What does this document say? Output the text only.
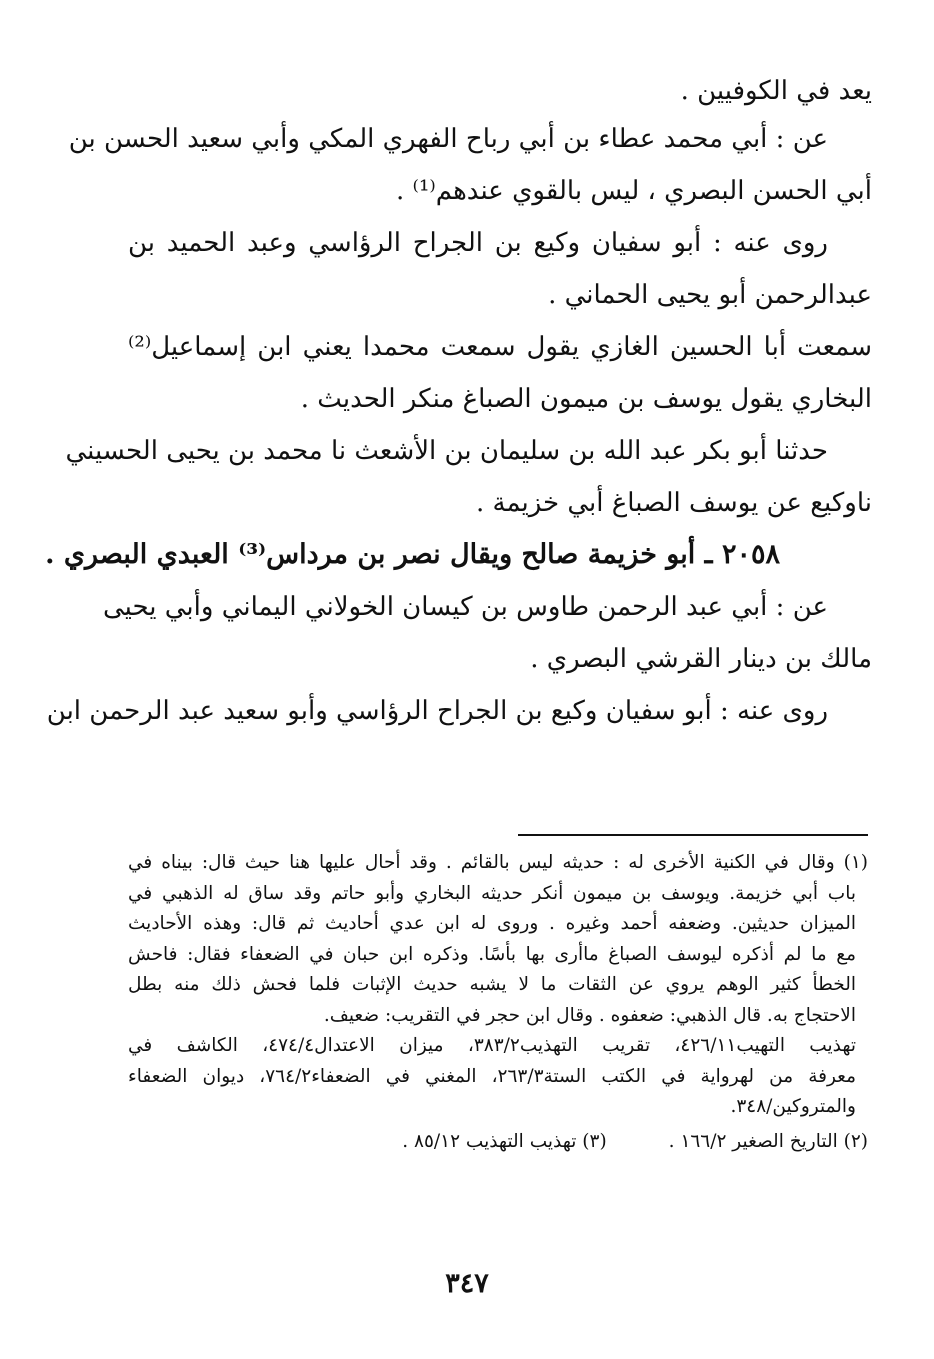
يعد في الكوفيين .
عن : أبي محمد عطاء بن أبي رباح الفهري المكي وأبي سعيد الحسن بن
أبي الحسن البصري ، ليس بالقوي عندهم⁽¹⁾ .
روى عنه : أبو سفيان وكيع بن الجراح الرؤاسي وعبد الحميد بن
عبدالرحمن أبو يحيى الحماني .
سمعت أبا الحسين الغازي يقول سمعت محمدا يعني ابن إسماعيل⁽²⁾
البخاري يقول يوسف بن ميمون الصباغ منكر الحديث .
حدثنا أبو بكر عبد الله بن سليمان بن الأشعث نا محمد بن يحيى الحسيني
ناوكيع عن يوسف الصباغ أبي خزيمة .
٢٠٥٨ ـ أبو خزيمة صالح ويقال نصر بن مرداس⁽³⁾ العبدي البصري .
عن : أبي عبد الرحمن طاوس بن كيسان الخولاني اليماني وأبي يحيى
مالك بن دينار القرشي البصري .
روى عنه : أبو سفيان وكيع بن الجراح الرؤاسي وأبو سعيد عبد الرحمن ابن
(١) وقال في الكنية الأخرى له : حديثه ليس بالقائم . وقد أحال عليها هنا حيث قال: بيناه في
باب أبي خزيمة. ويوسف بن ميمون أنكر حديثه البخاري وأبو حاتم وقد ساق له الذهبي في
الميزان حديثين. وضعفه أحمد وغيره . وروى له ابن عدي أحاديث ثم قال: وهذه الأحاديث
مع ما لم أذكره ليوسف الصباغ ماأرى بها بأسًا. وذكره ابن حبان في الضعفاء فقال: فاحش
الخطأ كثير الوهم يروي عن الثقات ما لا يشبه حديث الإثبات فلما فحش ذلك منه بطل
الاحتجاج به. قال الذهبي: ضعفوه . وقال ابن حجر في التقريب: ضعيف.
تهذيب التهيب٤٢٦/١١، تقريب التهذيب٣٨٣/٢، ميزان الاعتدال٤٧٤/٤، الكاشف في
معرفة من لهرواية في الكتب الستة٢٦٣/٣، المغني في الضعفاء٧٦٤/٢، ديوان الضعفاء
والمتروكين/٣٤٨.
(٢) التاريخ الصغير ١٦٦/٢ .
(٣) تهذيب التهذيب ٨٥/١٢ .
٣٤٧
